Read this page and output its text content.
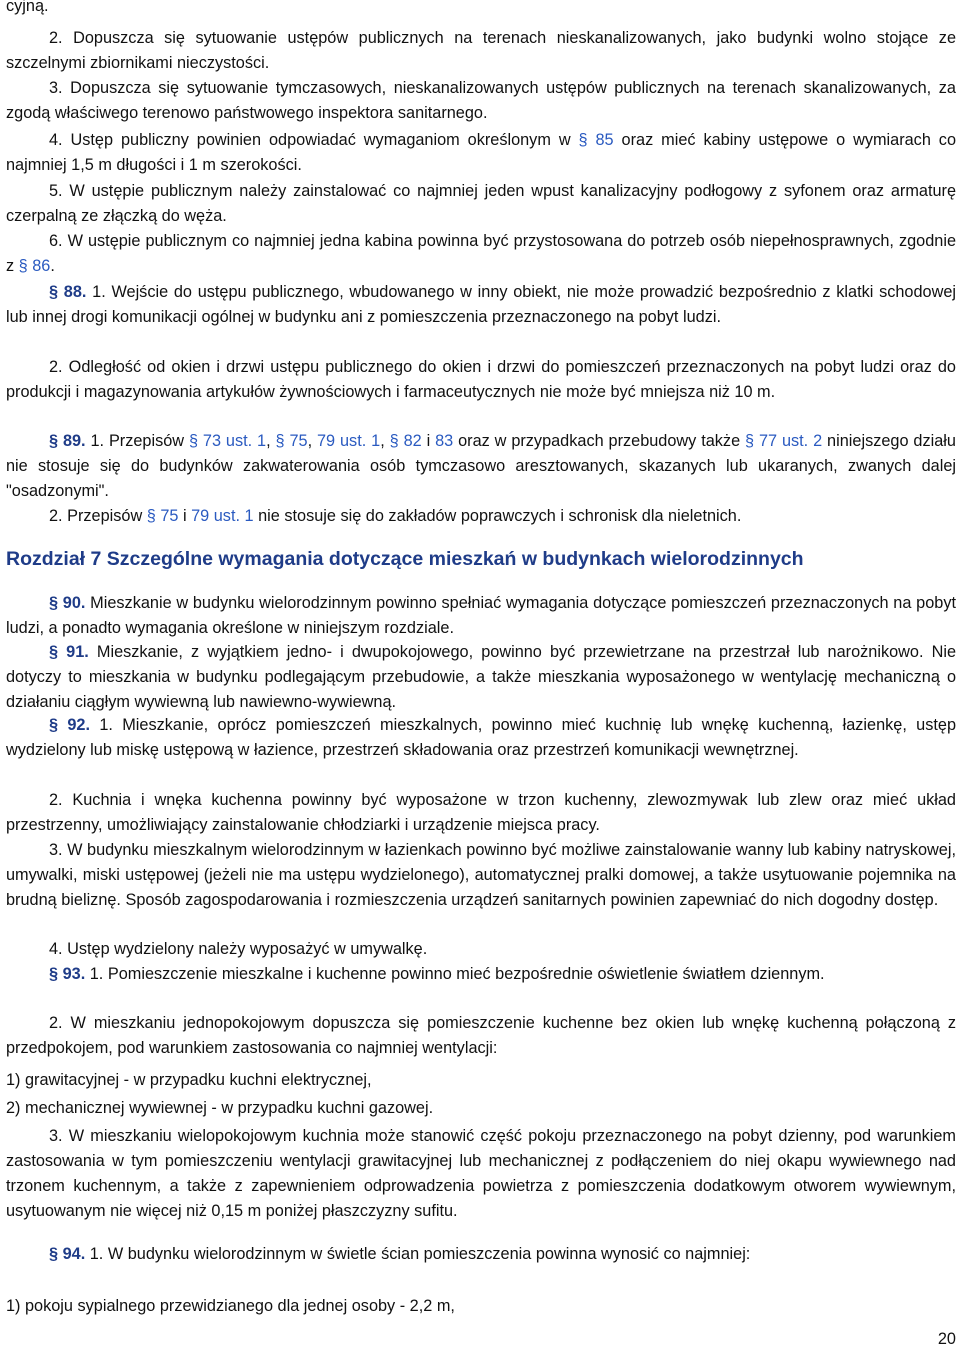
cyjną.

2. Dopuszcza się sytuowanie ustępów publicznych na terenach nieskanalizowanych, jako budynki wolno stojące ze szczelnymi zbiornikami nieczystości.

3. Dopuszcza się sytuowanie tymczasowych, nieskanalizowanych ustępów publicznych na terenach skanalizowanych, za zgodą właściwego terenowo państwowego inspektora sanitarnego.

4. Ustęp publiczny powinien odpowiadać wymaganiom określonym w § 85 oraz mieć kabiny ustępowe o wymiarach co najmniej 1,5 m długości i 1 m szerokości.

5. W ustępie publicznym należy zainstalować co najmniej jeden wpust kanalizacyjny podłogowy z syfonem oraz armaturę czerpalną ze złączką do węża.

6. W ustępie publicznym co najmniej jedna kabina powinna być przystosowana do potrzeb osób niepełnosprawnych, zgodnie z § 86.

§ 88. 1. Wejście do ustępu publicznego, wbudowanego w inny obiekt, nie może prowadzić bezpośrednio z klatki schodowej lub innej drogi komunikacji ogólnej w budynku ani z pomieszczenia przeznaczonego na pobyt ludzi.

2. Odległość od okien i drzwi ustępu publicznego do okien i drzwi do pomieszczeń przeznaczonych na pobyt ludzi oraz do produkcji i magazynowania artykułów żywnościowych i farmaceutycznych nie może być mniejsza niż 10 m.

§ 89. 1. Przepisów § 73 ust. 1, § 75, 79 ust. 1, § 82 i 83 oraz w przypadkach przebudowy także § 77 ust. 2 niniejszego działu nie stosuje się do budynków zakwaterowania osób tymczasowo aresztowanych, skazanych lub ukaranych, zwanych dalej "osadzonymi".

2. Przepisów § 75 i 79 ust. 1 nie stosuje się do zakładów poprawczych i schronisk dla nieletnich.

Rozdział 7 Szczególne wymagania dotyczące mieszkań w budynkach wielorodzinnych

§ 90. Mieszkanie w budynku wielorodzinnym powinno spełniać wymagania dotyczące pomieszczeń przeznaczonych na pobyt ludzi, a ponadto wymagania określone w niniejszym rozdziale.

§ 91. Mieszkanie, z wyjątkiem jedno- i dwupokojowego, powinno być przewietrzane na przestrzał lub narożnikowo. Nie dotyczy to mieszkania w budynku podlegającym przebudowie, a także mieszkania wyposażonego w wentylację mechaniczną o działaniu ciągłym wywiewną lub nawiewno-wywiewną.

§ 92. 1. Mieszkanie, oprócz pomieszczeń mieszkalnych, powinno mieć kuchnię lub wnękę kuchenną, łazienkę, ustęp wydzielony lub miskę ustępową w łazience, przestrzeń składowania oraz przestrzeń komunikacji wewnętrznej.

2. Kuchnia i wnęka kuchenna powinny być wyposażone w trzon kuchenny, zlewozmywak lub zlew oraz mieć układ przestrzenny, umożliwiający zainstalowanie chłodziarki i urządzenie miejsca pracy.

3. W budynku mieszkalnym wielorodzinnym w łazienkach powinno być możliwe zainstalowanie wanny lub kabiny natryskowej, umywalki, miski ustępowej (jeżeli nie ma ustępu wydzielonego), automatycznej pralki domowej, a także usytuowanie pojemnika na brudną bieliznę. Sposób zagospodarowania i rozmieszczenia urządzeń sanitarnych powinien zapewniać do nich dogodny dostęp.

4. Ustęp wydzielony należy wyposażyć w umywalkę.

§ 93. 1. Pomieszczenie mieszkalne i kuchenne powinno mieć bezpośrednie oświetlenie światłem dziennym.

2. W mieszkaniu jednopokojowym dopuszcza się pomieszczenie kuchenne bez okien lub wnękę kuchenną połączoną z przedpokojem, pod warunkiem zastosowania co najmniej wentylacji:

1) grawitacyjnej - w przypadku kuchni elektrycznej,

2) mechanicznej wywiewnej - w przypadku kuchni gazowej.

3. W mieszkaniu wielopokojowym kuchnia może stanowić część pokoju przeznaczonego na pobyt dzienny, pod warunkiem zastosowania w tym pomieszczeniu wentylacji grawitacyjnej lub mechanicznej z podłączeniem do niej okapu wywiewnego nad trzonem kuchennym, a także z zapewnieniem odprowadzenia powietrza z pomieszczenia dodatkowym otworem wywiewnym, usytuowanym nie więcej niż 0,15 m poniżej płaszczyzny sufitu.

§ 94. 1. W budynku wielorodzinnym w świetle ścian pomieszczenia powinna wynosić co najmniej:

1) pokoju sypialnego przewidzianego dla jednej osoby - 2,2 m,

20
